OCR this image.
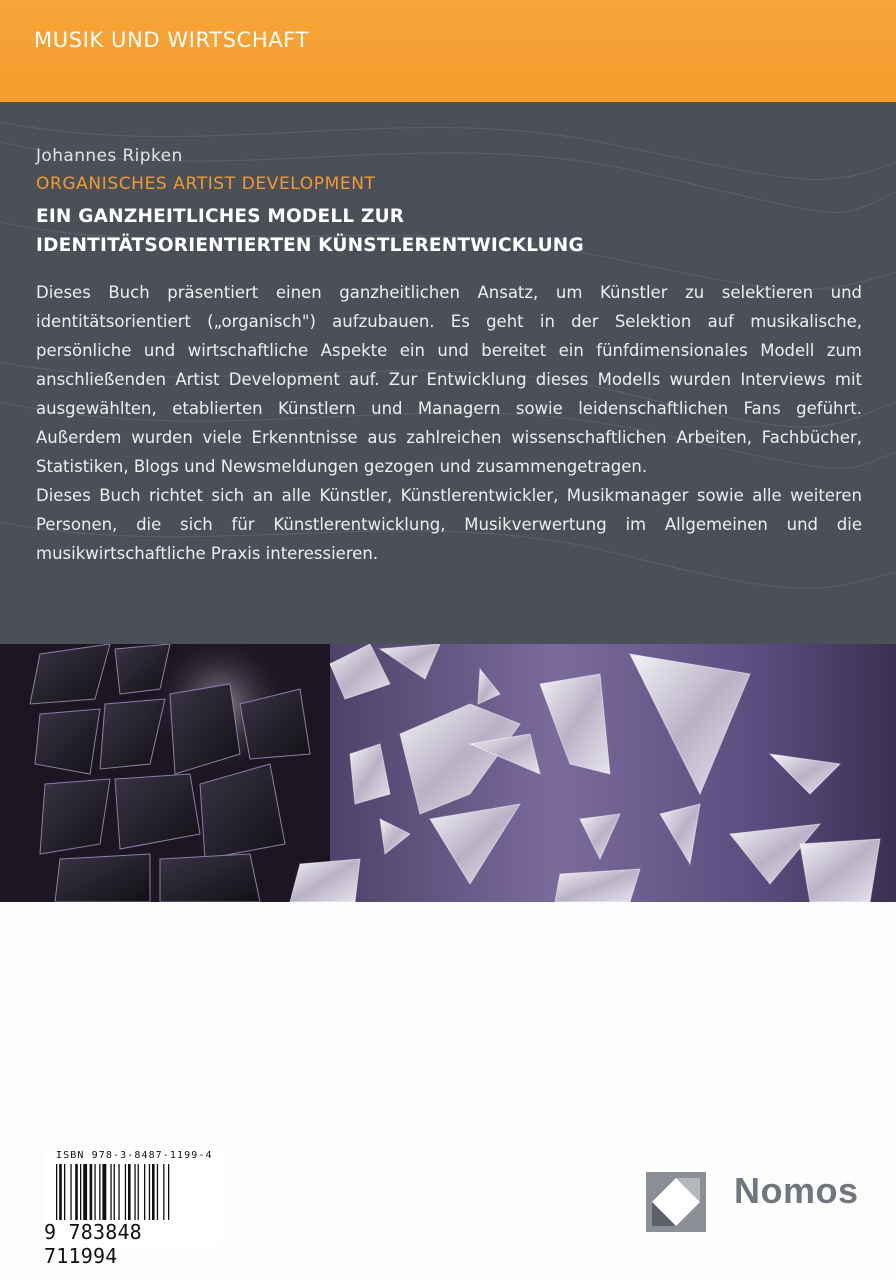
MUSIK UND WIRTSCHAFT
Johannes Ripken
ORGANISCHES ARTIST DEVELOPMENT
EIN GANZHEITLICHES MODELL ZUR
IDENTITÄTSORIENTIERTEN KÜNSTLERENTWICKLUNG

Dieses Buch präsentiert einen ganzheitlichen Ansatz, um Künstler zu selektieren und identitätsorientiert („organisch") aufzubauen. Es geht in der Selektion auf musikalische, persönliche und wirtschaftliche Aspekte ein und bereitet ein fünfdimensionales Modell zum anschließenden Artist Development auf. Zur Entwicklung dieses Modells wurden Interviews mit ausgewählten, etablierten Künstlern und Managern sowie leidenschaftlichen Fans geführt. Außerdem wurden viele Erkenntnisse aus zahlreichen wissenschaftlichen Arbeiten, Fachbücher, Statistiken, Blogs und Newsmeldungen gezogen und zusammengetragen.

Dieses Buch richtet sich an alle Künstler, Künstlerentwickler, Musikmanager sowie alle weiteren Personen, die sich für Künstlerentwicklung, Musikverwertung im Allgemeinen und die musikwirtschaftliche Praxis interessieren.

ISBN 978-3-8487-1199-4
9 783848 711994
Nomos
